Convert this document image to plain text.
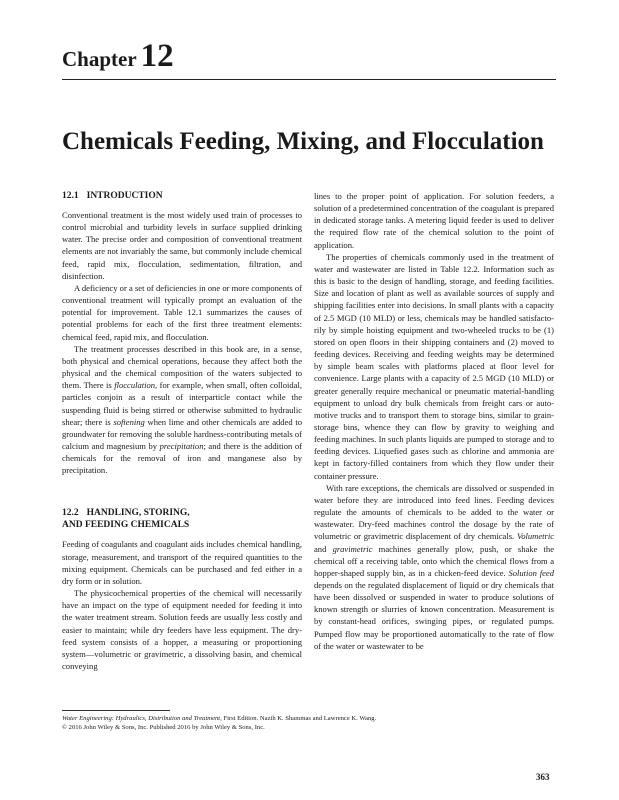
Chapter 12
Chemicals Feeding, Mixing, and Flocculation
12.1 INTRODUCTION

Conventional treatment is the most widely used train of processes to control microbial and turbidity levels in surface supplied drinking water. The precise order and composition of conventional treatment elements are not invariably the same, but commonly include chemical feed, rapid mix, flocculation, sedimentation, filtration, and disinfection.

A deficiency or a set of deficiencies in one or more components of conventional treatment will typically prompt an evaluation of the potential for improvement. Table 12.1 summarizes the causes of potential problems for each of the first three treatment elements: chemical feed, rapid mix, and flocculation.

The treatment processes described in this book are, in a sense, both physical and chemical operations, because they affect both the physical and the chemical composition of the waters subjected to them. There is flocculation, for example, when small, often colloidal, particles conjoin as a result of interparticle contact while the suspending fluid is being stirred or otherwise submitted to hydraulic shear; there is softening when lime and other chemicals are added to groundwater for removing the soluble hardness-contributing metals of calcium and magnesium by precipitation; and there is the addition of chemicals for the removal of iron and manganese also by precipitation.

12.2 HANDLING, STORING,
AND FEEDING CHEMICALS

Feeding of coagulants and coagulant aids includes chemical handling, storage, measurement, and transport of the required quantities to the mixing equipment. Chemicals can be purchased and fed either in a dry form or in solution.

The physicochemical properties of the chemical will necessarily have an impact on the type of equipment needed for feeding it into the water treatment stream. Solution feeds are usually less costly and easier to maintain; while dry feeders have less equipment. The dry-feed system consists of a hopper, a measuring or proportioning system—volumetric or gravimetric, a dissolving basin, and chemical conveying

lines to the proper point of application. For solution feeders, a solution of a predetermined concentration of the coagulant is prepared in dedicated storage tanks. A metering liquid feeder is used to deliver the required flow rate of the chemical solution to the point of application.

The properties of chemicals commonly used in the treatment of water and wastewater are listed in Table 12.2. Information such as this is basic to the design of handling, storage, and feeding facilities. Size and location of plant as well as available sources of supply and shipping facilities enter into decisions. In small plants with a capacity of 2.5 MGD (10 MLD) or less, chemicals may be handled satisfactorily by simple hoisting equipment and two-wheeled trucks to be (1) stored on open floors in their shipping containers and (2) moved to feeding devices. Receiving and feeding weights may be determined by simple beam scales with platforms placed at floor level for convenience. Large plants with a capacity of 2.5 MGD (10 MLD) or greater generally require mechanical or pneumatic material-handling equipment to unload dry bulk chemicals from freight cars or automotive trucks and to transport them to storage bins, similar to grain-storage bins, whence they can flow by gravity to weighing and feeding machines. In such plants liquids are pumped to storage and to feeding devices. Liquefied gases such as chlorine and ammonia are kept in factory-filled containers from which they flow under their container pressure.

With rare exceptions, the chemicals are dissolved or suspended in water before they are introduced into feed lines. Feeding devices regulate the amounts of chemicals to be added to the water or wastewater. Dry-feed machines control the dosage by the rate of volumetric or gravimetric displacement of dry chemicals. Volumetric and gravimetric machines generally plow, push, or shake the chemical off a receiving table, onto which the chemical flows from a hopper-shaped supply bin, as in a chicken-feed device. Solution feed depends on the regulated displacement of liquid or dry chemicals that have been dissolved or suspended in water to produce solutions of known strength or slurries of known concentration. Measurement is by constant-head orifices, swinging pipes, or regulated pumps. Pumped flow may be proportioned automatically to the rate of flow of the water or wastewater to be

Water Engineering: Hydraulics, Distribution and Treatment, First Edition. Nazih K. Shammas and Lawrence K. Wang.
© 2016 John Wiley & Sons, Inc. Published 2016 by John Wiley & Sons, Inc.
363
